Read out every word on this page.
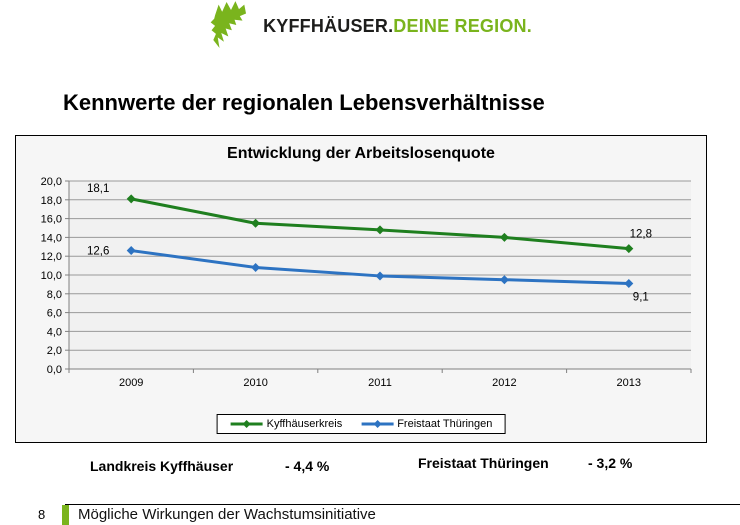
KYFFHÄUSER.DEINE REGION.
Kennwerte der regionalen Lebensverhältnisse
0,0
2,0
4,0
6,0
8,0
10,0
12,0
14,0
16,0
18,0
20,0
2009	2010	2011	2012	2013
18,1
12,8
12,6
9,1
Entwicklung der Arbeitslosenquote
Kyffhäuserkreis	Freistaat Thüringen
Landkreis Kyffhäuser	- 4,4 %	Freistaat Thüringen	- 3,2 %
8 Mögliche Wirkungen der Wachstumsinitiative
